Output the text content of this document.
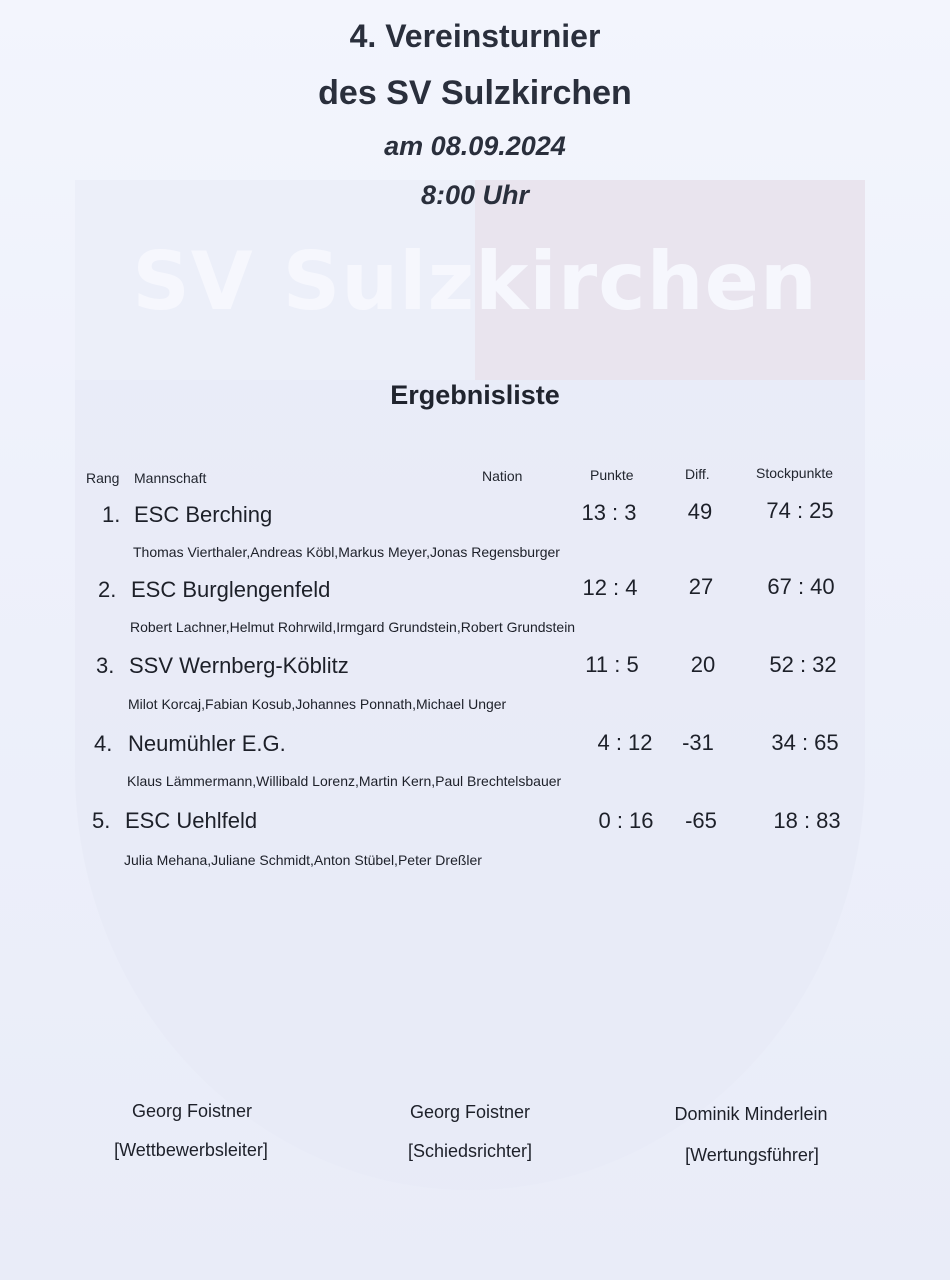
SV Sulzkirchen
4. Vereinsturnier
des SV Sulzkirchen
am 08.09.2024
8:00 Uhr
Ergebnisliste
Rang Mannschaft	Nation	Punkte	Diff.	Stockpunkte
1. ESC Berching	13 : 3	49	74 : 25
Thomas Vierthaler,Andreas Köbl,Markus Meyer,Jonas Regensburger
2. ESC Burglengenfeld	12 : 4	27	67 : 40
Robert Lachner,Helmut Rohrwild,Irmgard Grundstein,Robert Grundstein
3. SSV Wernberg-Köblitz	11 : 5	20	52 : 32
Milot Korcaj,Fabian Kosub,Johannes Ponnath,Michael Unger
4. Neumühler E.G.	4 : 12	-31	34 : 65
Klaus Lämmermann,Willibald Lorenz,Martin Kern,Paul Brechtelsbauer
5. ESC Uehlfeld	0 : 16	-65	18 : 83
Julia Mehana,Juliane Schmidt,Anton Stübel,Peter Dreßler
Georg Foistner
[Wettbewerbsleiter]
Georg Foistner
[Schiedsrichter]
Dominik Minderlein
[Wertungsführer]
